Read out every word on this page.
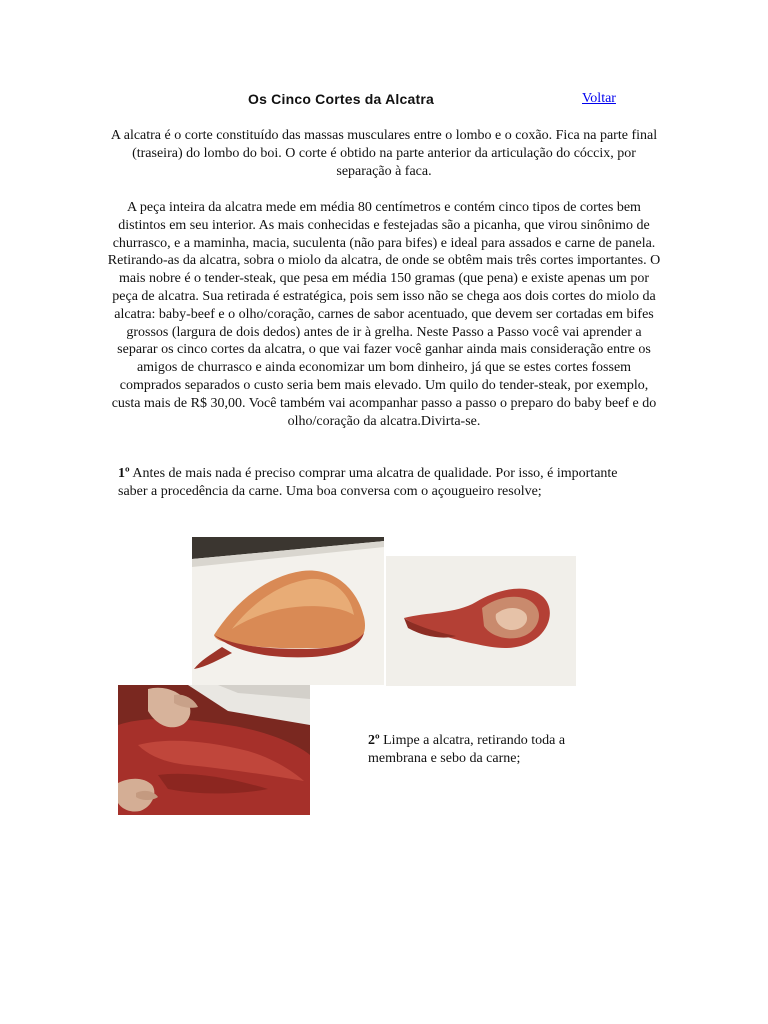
Os Cinco Cortes da Alcatra	Voltar
A alcatra é o corte constituído das massas musculares entre o lombo e o coxão. Fica na parte final (traseira) do lombo do boi. O corte é obtido na parte anterior da articulação do cóccix, por separação à faca.
A peça inteira da alcatra mede em média 80 centímetros e contém cinco tipos de cortes bem distintos em seu interior. As mais conhecidas e festejadas são a picanha, que virou sinônimo de churrasco, e a maminha, macia, suculenta (não para bifes) e ideal para assados e carne de panela. Retirando-as da alcatra, sobra o miolo da alcatra, de onde se obtêm mais três cortes importantes. O mais nobre é o tender-steak, que pesa em média 150 gramas (que pena) e existe apenas um por peça de alcatra. Sua retirada é estratégica, pois sem isso não se chega aos dois cortes do miolo da alcatra: baby-beef e o olho/coração, carnes de sabor acentuado, que devem ser cortadas em bifes grossos (largura de dois dedos) antes de ir à grelha. Neste Passo a Passo você vai aprender a separar os cinco cortes da alcatra, o que vai fazer você ganhar ainda mais consideração entre os amigos de churrasco e ainda economizar um bom dinheiro, já que se estes cortes fossem comprados separados o custo seria bem mais elevado. Um quilo do tender-steak, por exemplo, custa mais de R$ 30,00. Você também vai acompanhar passo a passo o preparo do baby beef e do olho/coração da alcatra.Divirta-se.
1º Antes de mais nada é preciso comprar uma alcatra de qualidade. Por isso, é importante saber a procedência da carne. Uma boa conversa com o açougueiro resolve;
2º Limpe a alcatra, retirando toda a membrana e sebo da carne;
